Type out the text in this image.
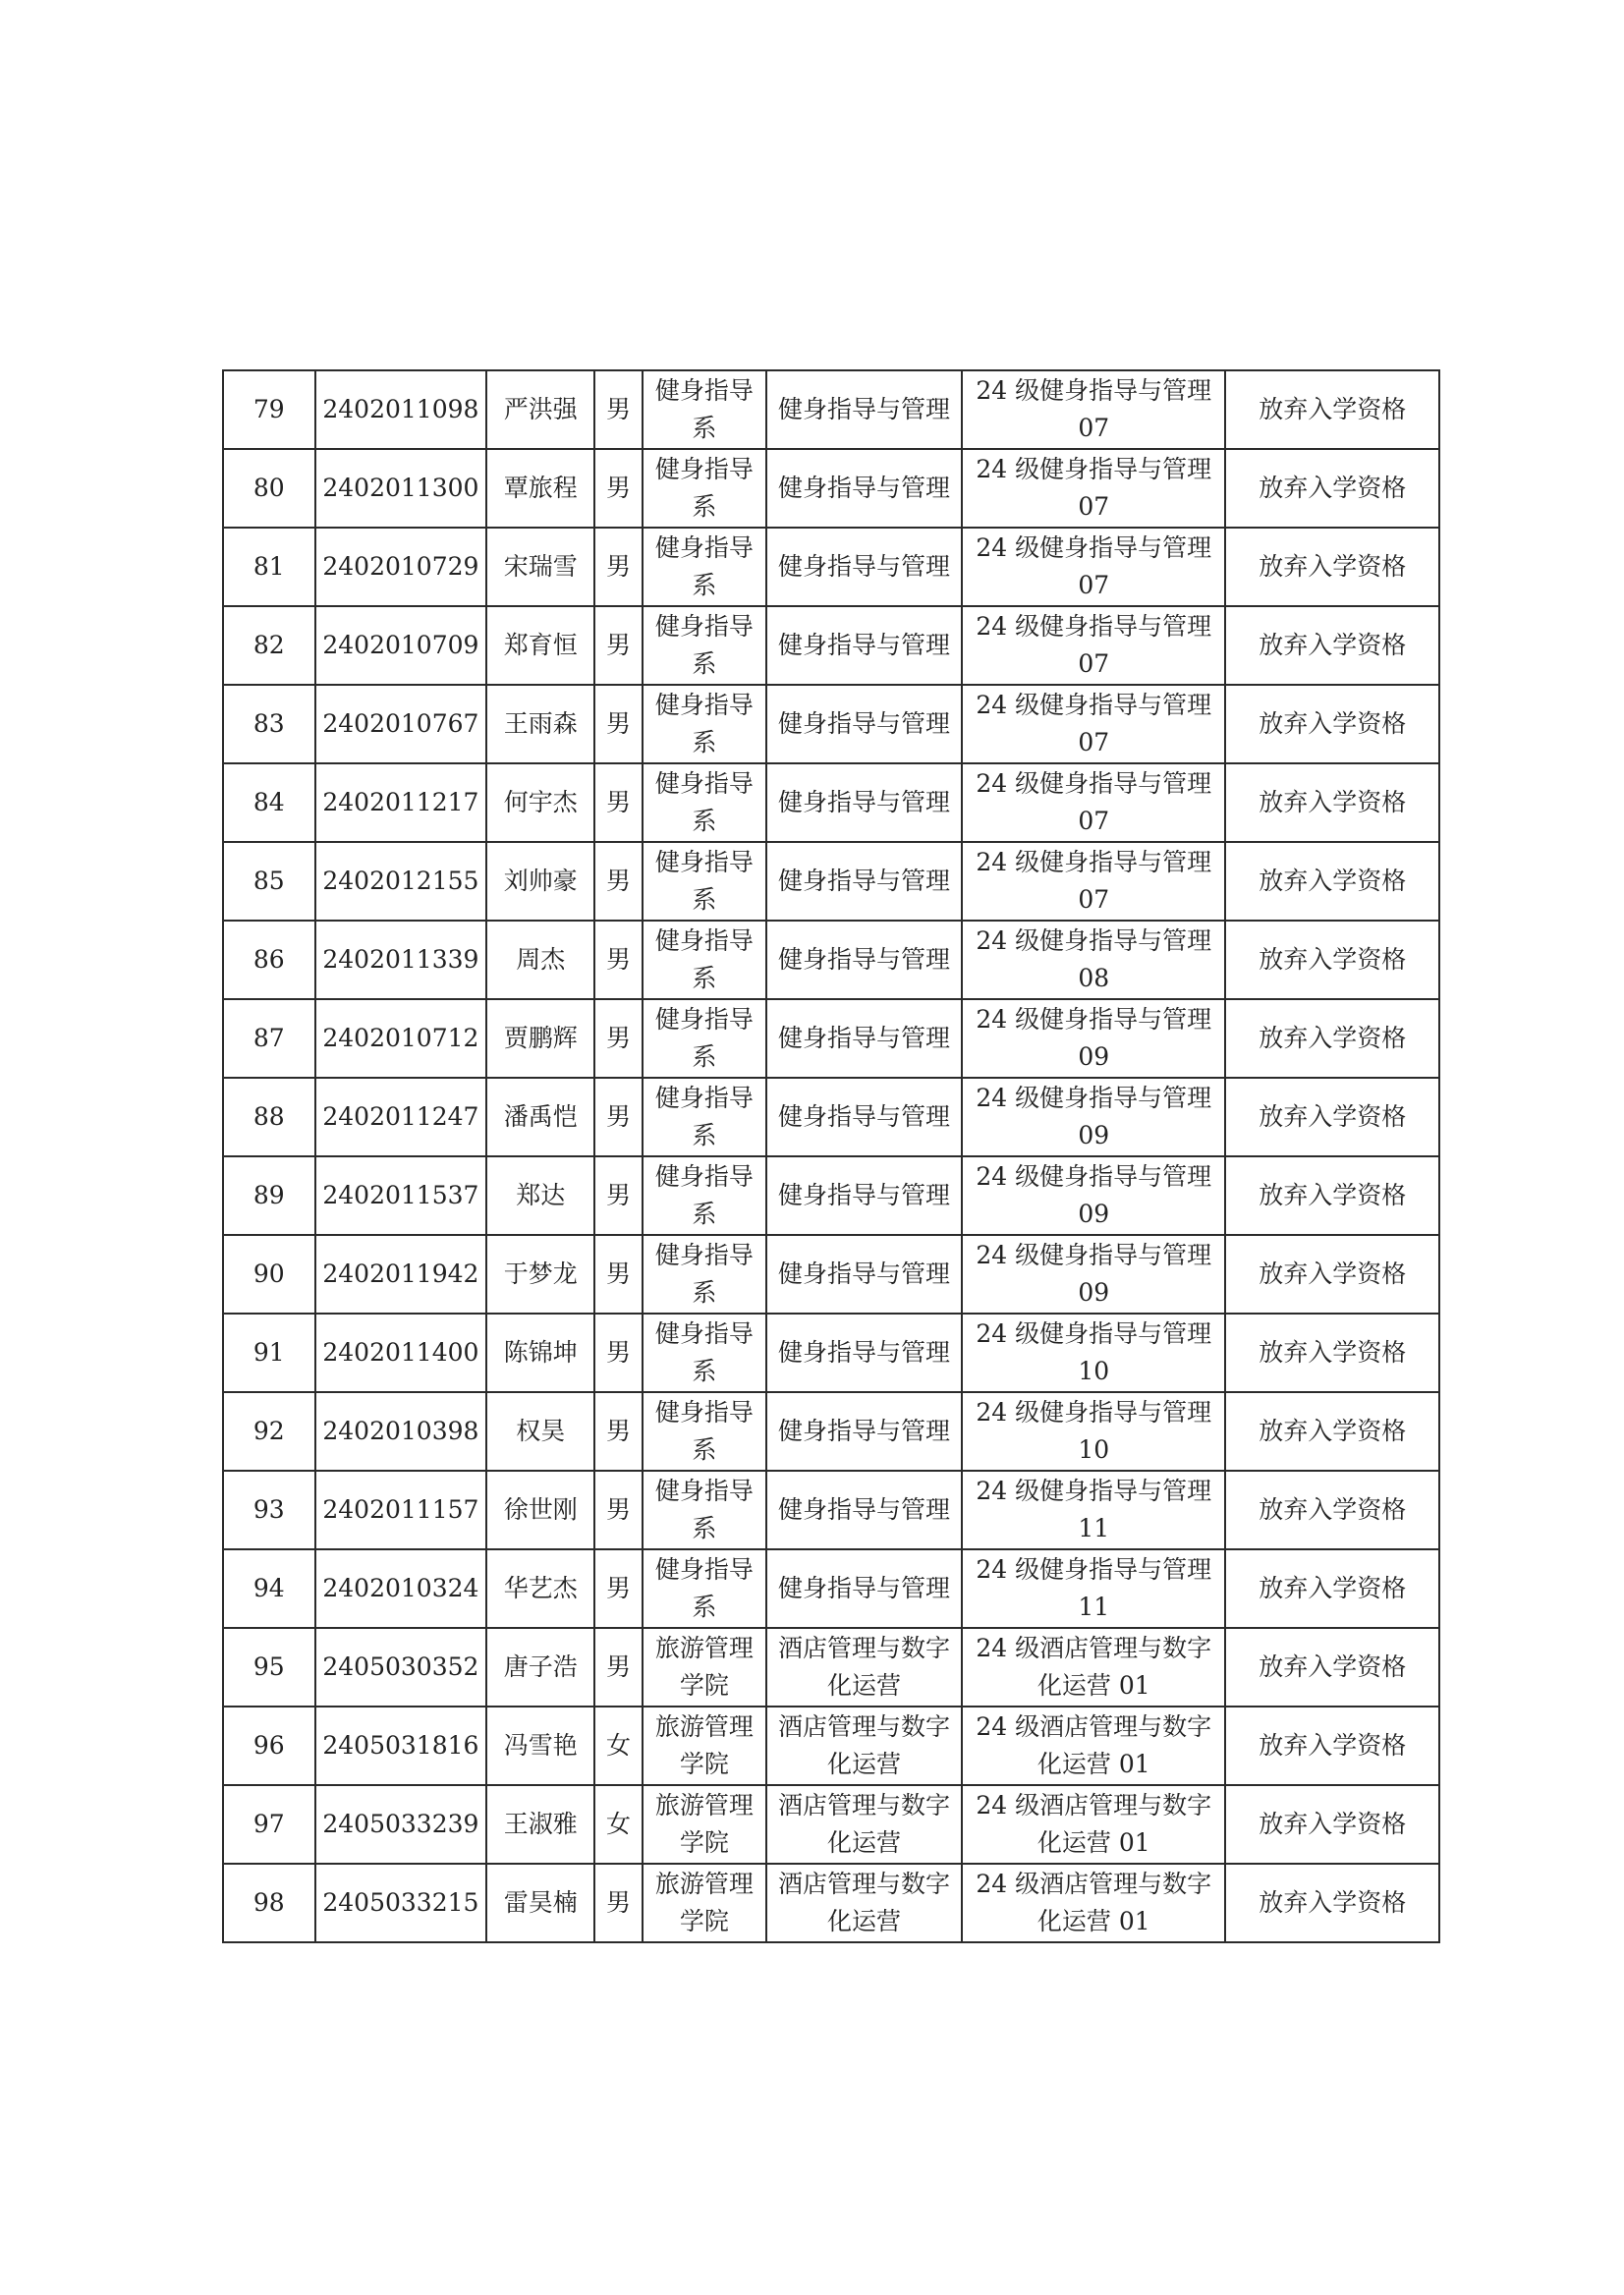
79	2402011098	严洪强	男	健身指导系	健身指导与管理	24 级健身指导与管理 07	放弃入学资格
80	2402011300	覃旅程	男	健身指导系	健身指导与管理	24 级健身指导与管理 07	放弃入学资格
81	2402010729	宋瑞雪	男	健身指导系	健身指导与管理	24 级健身指导与管理 07	放弃入学资格
82	2402010709	郑育恒	男	健身指导系	健身指导与管理	24 级健身指导与管理 07	放弃入学资格
83	2402010767	王雨森	男	健身指导系	健身指导与管理	24 级健身指导与管理 07	放弃入学资格
84	2402011217	何宇杰	男	健身指导系	健身指导与管理	24 级健身指导与管理 07	放弃入学资格
85	2402012155	刘帅豪	男	健身指导系	健身指导与管理	24 级健身指导与管理 07	放弃入学资格
86	2402011339	周杰	男	健身指导系	健身指导与管理	24 级健身指导与管理 08	放弃入学资格
87	2402010712	贾鹏辉	男	健身指导系	健身指导与管理	24 级健身指导与管理 09	放弃入学资格
88	2402011247	潘禹恺	男	健身指导系	健身指导与管理	24 级健身指导与管理 09	放弃入学资格
89	2402011537	郑达	男	健身指导系	健身指导与管理	24 级健身指导与管理 09	放弃入学资格
90	2402011942	于梦龙	男	健身指导系	健身指导与管理	24 级健身指导与管理 09	放弃入学资格
91	2402011400	陈锦坤	男	健身指导系	健身指导与管理	24 级健身指导与管理 10	放弃入学资格
92	2402010398	权昊	男	健身指导系	健身指导与管理	24 级健身指导与管理 10	放弃入学资格
93	2402011157	徐世刚	男	健身指导系	健身指导与管理	24 级健身指导与管理 11	放弃入学资格
94	2402010324	华艺杰	男	健身指导系	健身指导与管理	24 级健身指导与管理 11	放弃入学资格
95	2405030352	唐子浩	男	旅游管理学院	酒店管理与数字化运营	24 级酒店管理与数字化运营 01	放弃入学资格
96	2405031816	冯雪艳	女	旅游管理学院	酒店管理与数字化运营	24 级酒店管理与数字化运营 01	放弃入学资格
97	2405033239	王淑雅	女	旅游管理学院	酒店管理与数字化运营	24 级酒店管理与数字化运营 01	放弃入学资格
98	2405033215	雷昊楠	男	旅游管理学院	酒店管理与数字化运营	24 级酒店管理与数字化运营 01	放弃入学资格
